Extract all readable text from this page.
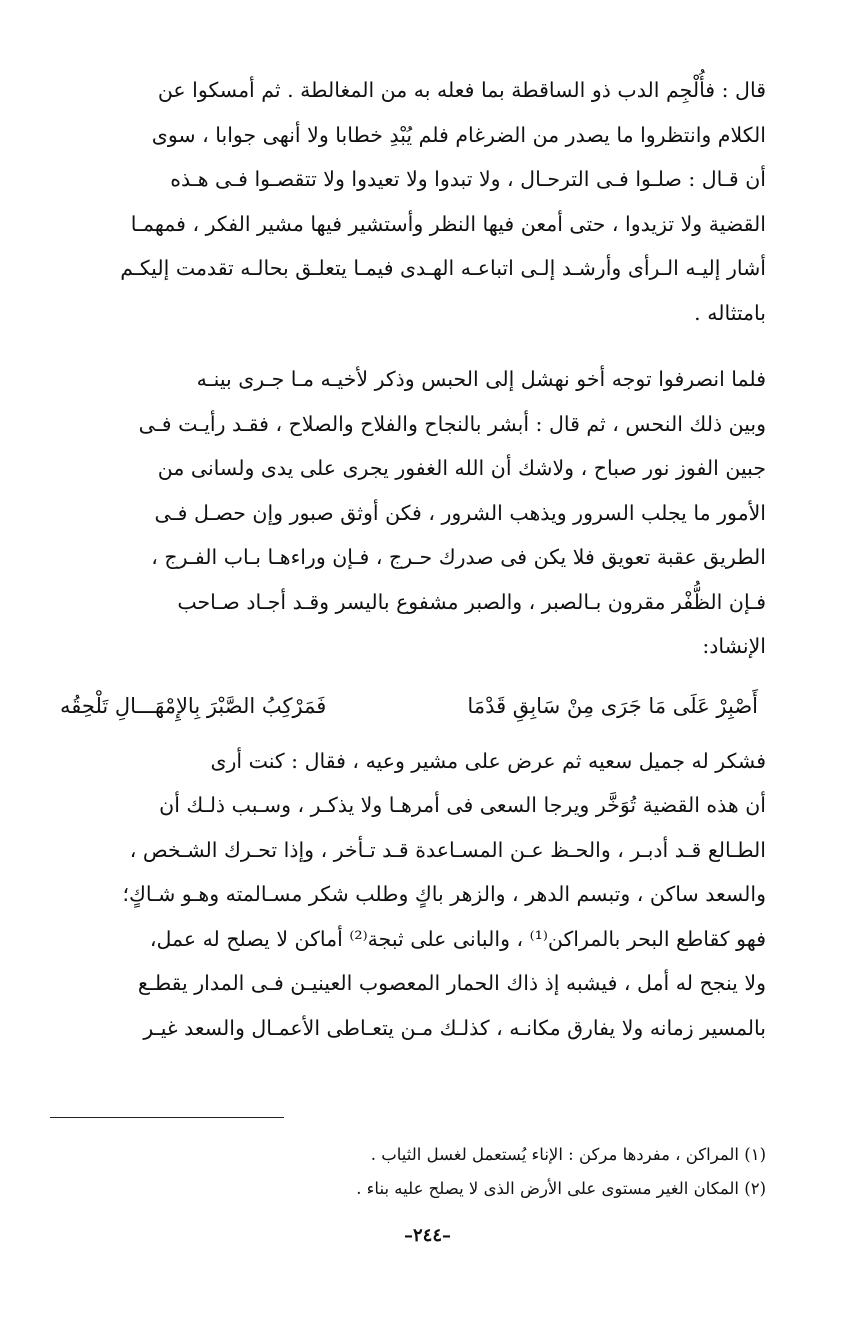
قال : فأُلْجِم الدب ذو الساقطة بما فعله به من المغالطة . ثم أمسكوا عن

الكلام وانتظروا ما يصدر من الضرغام فلم يُبْدِ خطابا ولا أنهى جوابا ، سوى

أن قـال : صلـوا فـى الترحـال ، ولا تبدوا ولا تعيدوا ولا تتقصـوا فـى هـذه

القضية ولا تزيدوا ، حتى أمعن فيها النظر وأستشير فيها مشير الفكر ، فمهمـا

أشار إليـه الـرأى وأرشـد إلـى اتباعـه الهـدى فيمـا يتعلـق بحالـه تقدمت إليكـم

بامتثاله .

فلما انصرفوا توجه أخو نهشل إلى الحبس وذكر لأخيـه مـا جـرى بينـه

وبين ذلك النحس ، ثم قال : أبشر بالنجاح والفلاح والصلاح ، فقـد رأيـت فـى

جبين الفوز نور صباح ، ولاشك أن الله الغفور يجرى على يدى ولسانى من

الأمور ما يجلب السرور ويذهب الشرور ، فكن أوثق صبور وإن حصـل فـى

الطريق عقبة تعويق فلا يكن فى صدرك حـرج ، فـإن وراءهـا بـاب الفـرج ،

فـإن الظُّفْر مقرون بـالصبر ، والصبر مشفوع باليسر وقـد أجـاد صـاحب

الإنشاد:

أَصْبِرْ عَلَى مَا جَرَى مِنْ سَابِقِ قَدْمَا
فَمَرْكِبُ الصَّبْرَ بِالإِمْهَـــالِ تَلْحِقُه

فشكر له جميل سعيه ثم عرض على مشير وعيه ، فقال : كنت أرى

أن هذه القضية تُوَخَّر ويرجا السعى فى أمرهـا ولا يذكـر ، وسـبب ذلـك أن

الطـالع قـد أدبـر ، والحـظ عـن المسـاعدة قـد تـأخر ، وإذا تحـرك الشـخص ،

والسعد ساكن ، وتبسم الدهر ، والزهر باكٍ وطلب شكر مسـالمته وهـو شـاكٍ؛

فهو كقاطع البحر بالمراكن⁽¹⁾ ، والبانى على ثبجة⁽²⁾ أماكن لا يصلح له عمل،

ولا ينجح له أمل ، فيشبه إذ ذاك الحمار المعصوب العينيـن فـى المدار يقطـع

بالمسير زمانه ولا يفارق مكانـه ، كذلـك مـن يتعـاطى الأعمـال والسعد غيـر

(١) المراكن ، مفردها مركن : الإناء يُستعمل لغسل الثياب .
(٢) المكان الغير مستوى على الأرض الذى لا يصلح عليه بناء .
–٢٤٤–
